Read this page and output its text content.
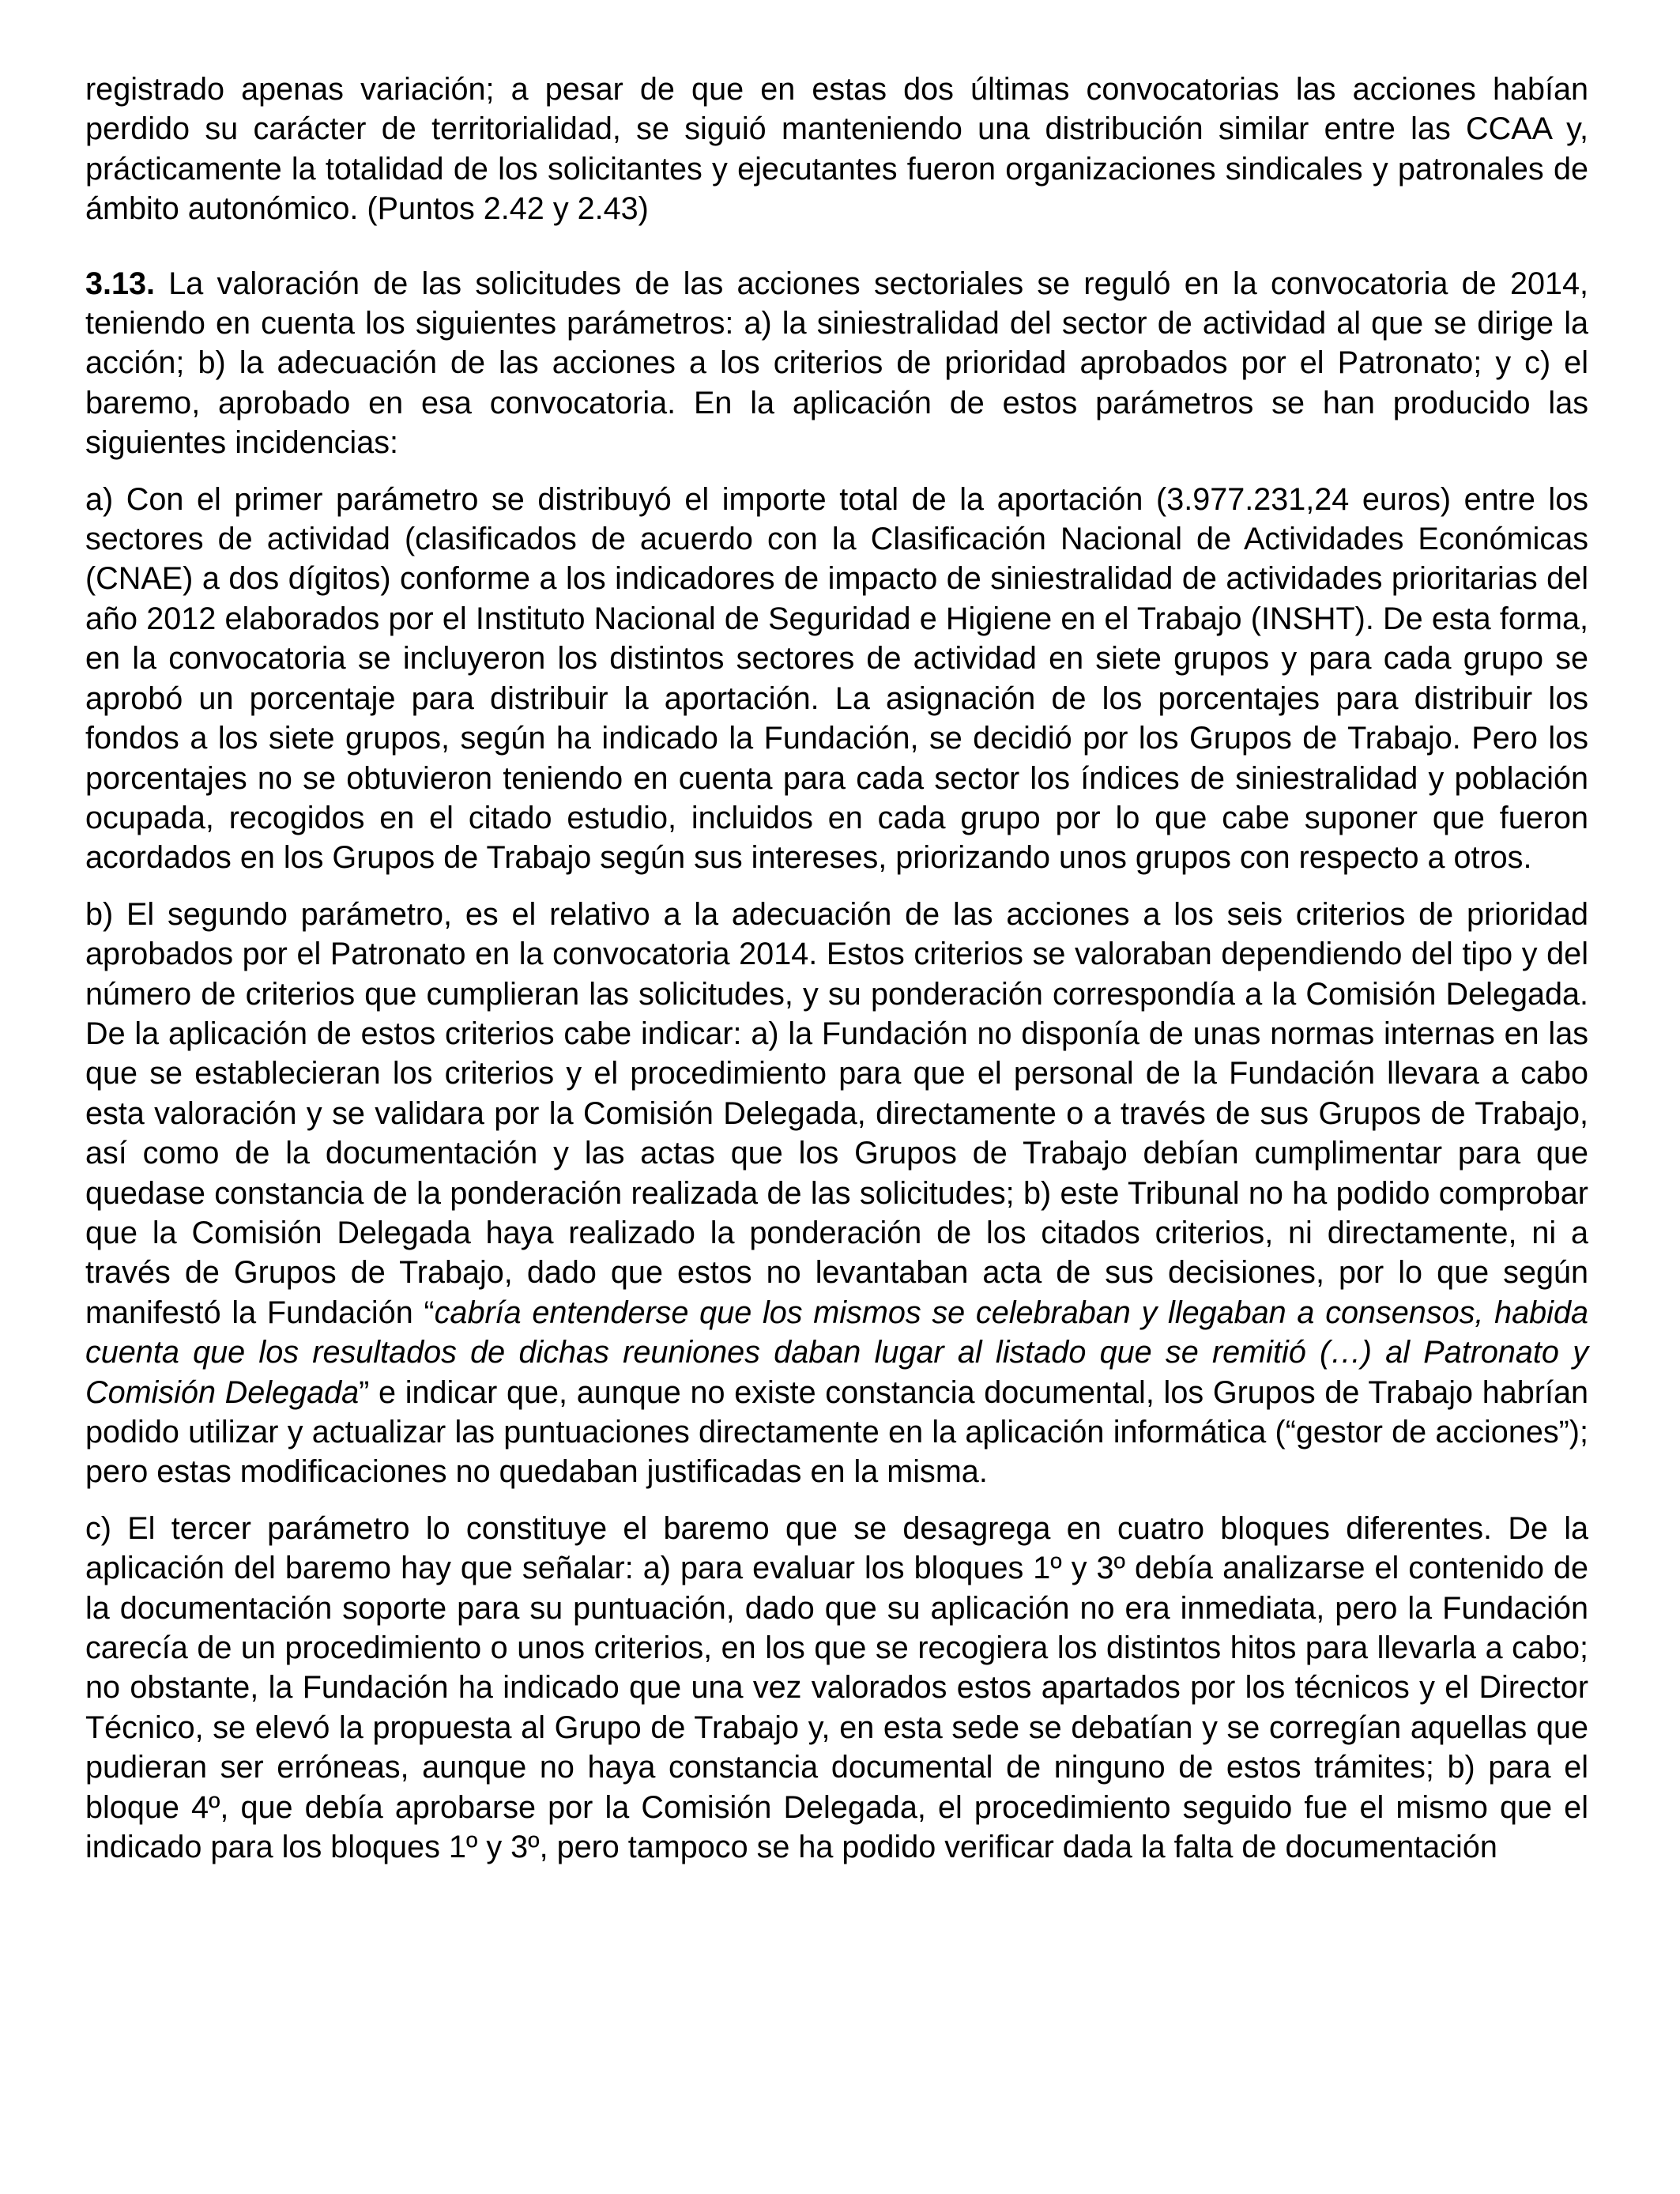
registrado apenas variación; a pesar de que en estas dos últimas convocatorias las acciones habían perdido su carácter de territorialidad, se siguió manteniendo una distribución similar entre las CCAA y, prácticamente la totalidad de los solicitantes y ejecutantes fueron organizaciones sindicales y patronales de ámbito autonómico. (Puntos 2.42 y 2.43)

3.13. La valoración de las solicitudes de las acciones sectoriales se reguló en la convocatoria de 2014, teniendo en cuenta los siguientes parámetros: a) la siniestralidad del sector de actividad al que se dirige la acción; b) la adecuación de las acciones a los criterios de prioridad aprobados por el Patronato; y c) el baremo, aprobado en esa convocatoria. En la aplicación de estos parámetros se han producido las siguientes incidencias:

a) Con el primer parámetro se distribuyó el importe total de la aportación (3.977.231,24 euros) entre los sectores de actividad (clasificados de acuerdo con la Clasificación Nacional de Actividades Económicas (CNAE) a dos dígitos) conforme a los indicadores de impacto de siniestralidad de actividades prioritarias del año 2012 elaborados por el Instituto Nacional de Seguridad e Higiene en el Trabajo (INSHT). De esta forma, en la convocatoria se incluyeron los distintos sectores de actividad en siete grupos y para cada grupo se aprobó un porcentaje para distribuir la aportación. La asignación de los porcentajes para distribuir los fondos a los siete grupos, según ha indicado la Fundación, se decidió por los Grupos de Trabajo. Pero los porcentajes no se obtuvieron teniendo en cuenta para cada sector los índices de siniestralidad y población ocupada, recogidos en el citado estudio, incluidos en cada grupo por lo que cabe suponer que fueron acordados en los Grupos de Trabajo según sus intereses, priorizando unos grupos con respecto a otros.

b) El segundo parámetro, es el relativo a la adecuación de las acciones a los seis criterios de prioridad aprobados por el Patronato en la convocatoria 2014. Estos criterios se valoraban dependiendo del tipo y del número de criterios que cumplieran las solicitudes, y su ponderación correspondía a la Comisión Delegada. De la aplicación de estos criterios cabe indicar: a) la Fundación no disponía de unas normas internas en las que se establecieran los criterios y el procedimiento para que el personal de la Fundación llevara a cabo esta valoración y se validara por la Comisión Delegada, directamente o a través de sus Grupos de Trabajo, así como de la documentación y las actas que los Grupos de Trabajo debían cumplimentar para que quedase constancia de la ponderación realizada de las solicitudes; b) este Tribunal no ha podido comprobar que la Comisión Delegada haya realizado la ponderación de los citados criterios, ni directamente, ni a través de Grupos de Trabajo, dado que estos no levantaban acta de sus decisiones, por lo que según manifestó la Fundación “cabría entenderse que los mismos se celebraban y llegaban a consensos, habida cuenta que los resultados de dichas reuniones daban lugar al listado que se remitió (…) al Patronato y Comisión Delegada” e indicar que, aunque no existe constancia documental, los Grupos de Trabajo habrían podido utilizar y actualizar las puntuaciones directamente en la aplicación informática (“gestor de acciones”); pero estas modificaciones no quedaban justificadas en la misma.

c) El tercer parámetro lo constituye el baremo que se desagrega en cuatro bloques diferentes. De la aplicación del baremo hay que señalar: a) para evaluar los bloques 1º y 3º debía analizarse el contenido de la documentación soporte para su puntuación, dado que su aplicación no era inmediata, pero la Fundación carecía de un procedimiento o unos criterios, en los que se recogiera los distintos hitos para llevarla a cabo; no obstante, la Fundación ha indicado que una vez valorados estos apartados por los técnicos y el Director Técnico, se elevó la propuesta al Grupo de Trabajo y, en esta sede se debatían y se corregían aquellas que pudieran ser erróneas, aunque no haya constancia documental de ninguno de estos trámites; b) para el bloque 4º, que debía aprobarse por la Comisión Delegada, el procedimiento seguido fue el mismo que el indicado para los bloques 1º y 3º, pero tampoco se ha podido verificar dada la falta de documentación
